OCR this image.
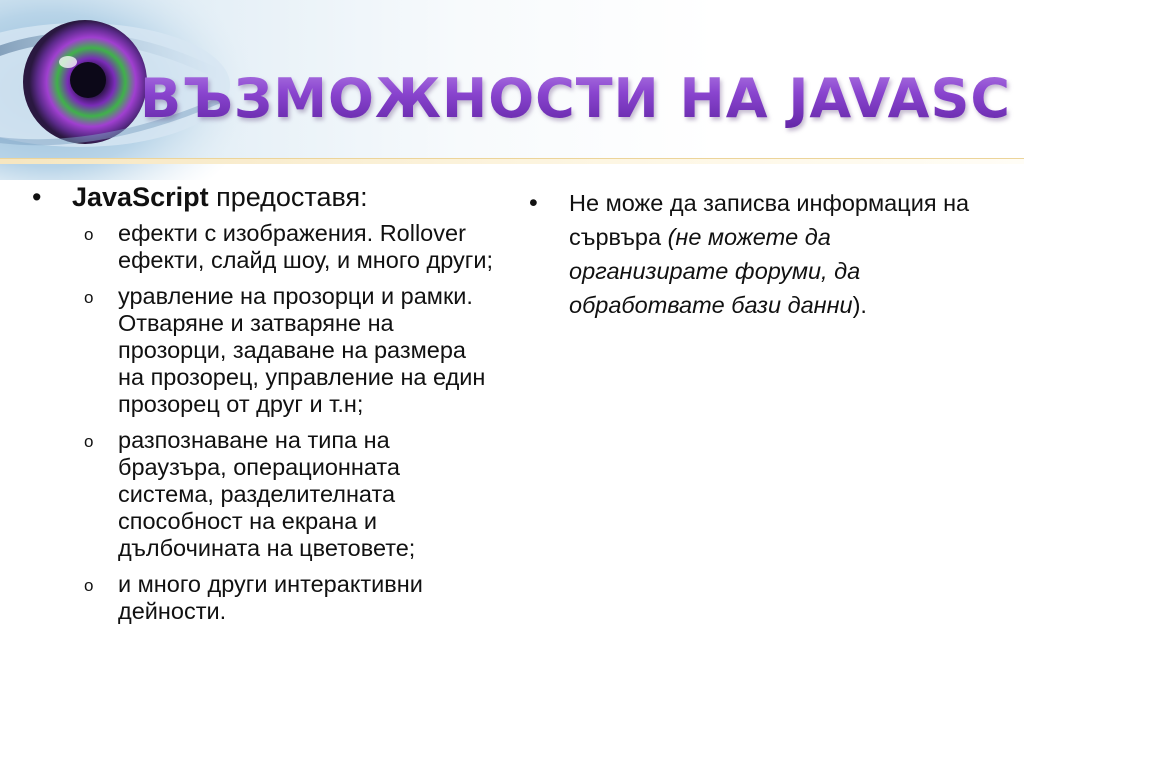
ВЪЗМОЖНОСТИ НА JAVASCRIPT
• JavaScript предоставя:
o ефекти с изображения. Rollover ефекти, слайд шоу, и много други;
o уравление на прозорци и рамки. Отваряне и затваряне на прозорци, задаване на размера на прозорец, управление на един прозорец от друг и т.н;
o разпознаване на типа на браузъра, операционната система, разделителната способност на екрана и дълбочината на цветовете;
o и много други интерактивни дейности.
• Не може да записва информация на сървъра (не можете да организирате форуми, да обработвате бази данни).
